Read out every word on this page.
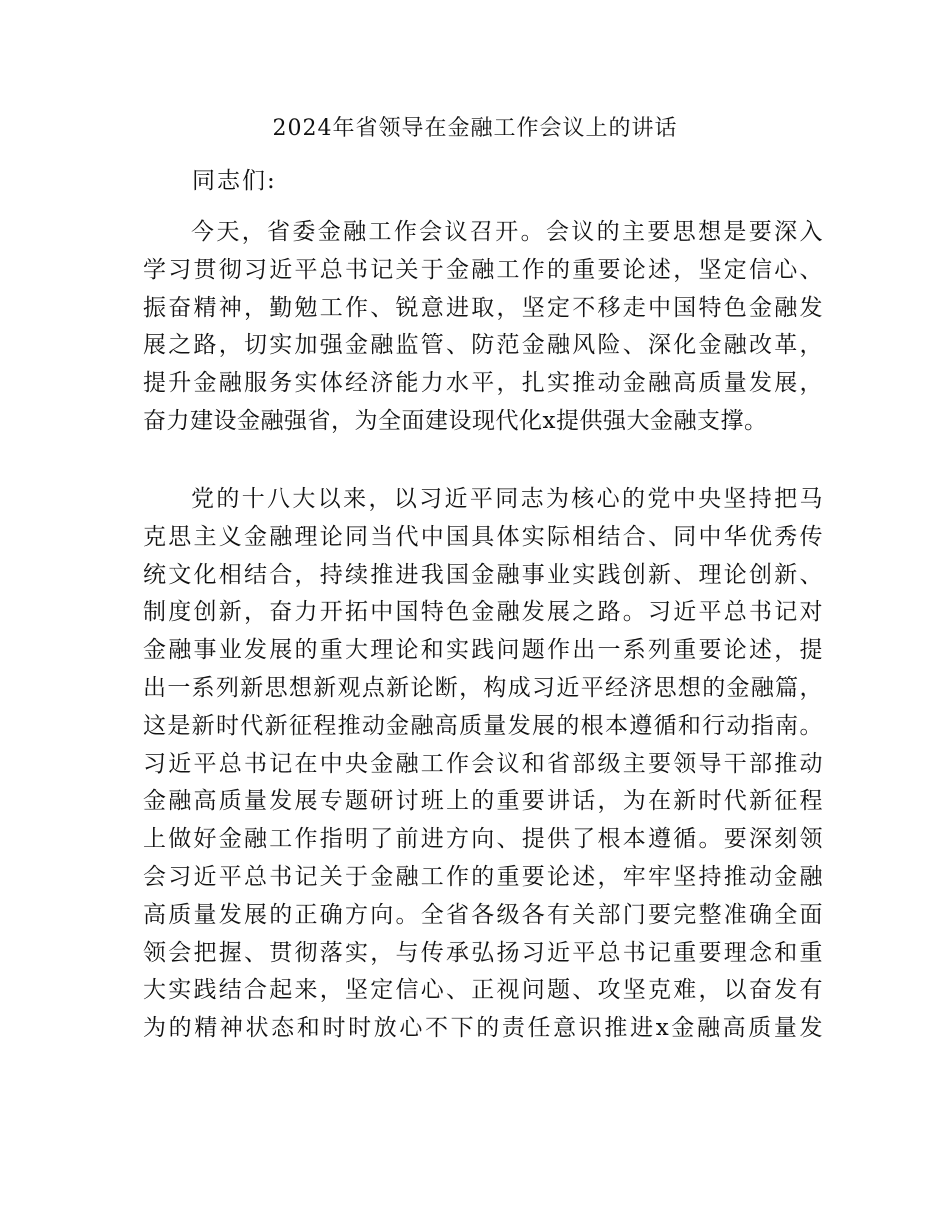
2024年省领导在金融工作会议上的讲话
同志们:
今天，省委金融工作会议召开。会议的主要思想是要深入
学习贯彻习近平总书记关于金融工作的重要论述，坚定信心、
振奋精神，勤勉工作、锐意进取，坚定不移走中国特色金融发
展之路，切实加强金融监管、防范金融风险、深化金融改革，
提升金融服务实体经济能力水平，扎实推动金融高质量发展，
奋力建设金融强省，为全面建设现代化x提供强大金融支撑。
党的十八大以来，以习近平同志为核心的党中央坚持把马
克思主义金融理论同当代中国具体实际相结合、同中华优秀传
统文化相结合，持续推进我国金融事业实践创新、理论创新、
制度创新，奋力开拓中国特色金融发展之路。习近平总书记对
金融事业发展的重大理论和实践问题作出一系列重要论述，提
出一系列新思想新观点新论断，构成习近平经济思想的金融篇，
这是新时代新征程推动金融高质量发展的根本遵循和行动指南。
习近平总书记在中央金融工作会议和省部级主要领导干部推动
金融高质量发展专题研讨班上的重要讲话，为在新时代新征程
上做好金融工作指明了前进方向、提供了根本遵循。要深刻领
会习近平总书记关于金融工作的重要论述，牢牢坚持推动金融
高质量发展的正确方向。全省各级各有关部门要完整准确全面
领会把握、贯彻落实，与传承弘扬习近平总书记重要理念和重
大实践结合起来，坚定信心、正视问题、攻坚克难，以奋发有
为的精神状态和时时放心不下的责任意识推进x金融高质量发
